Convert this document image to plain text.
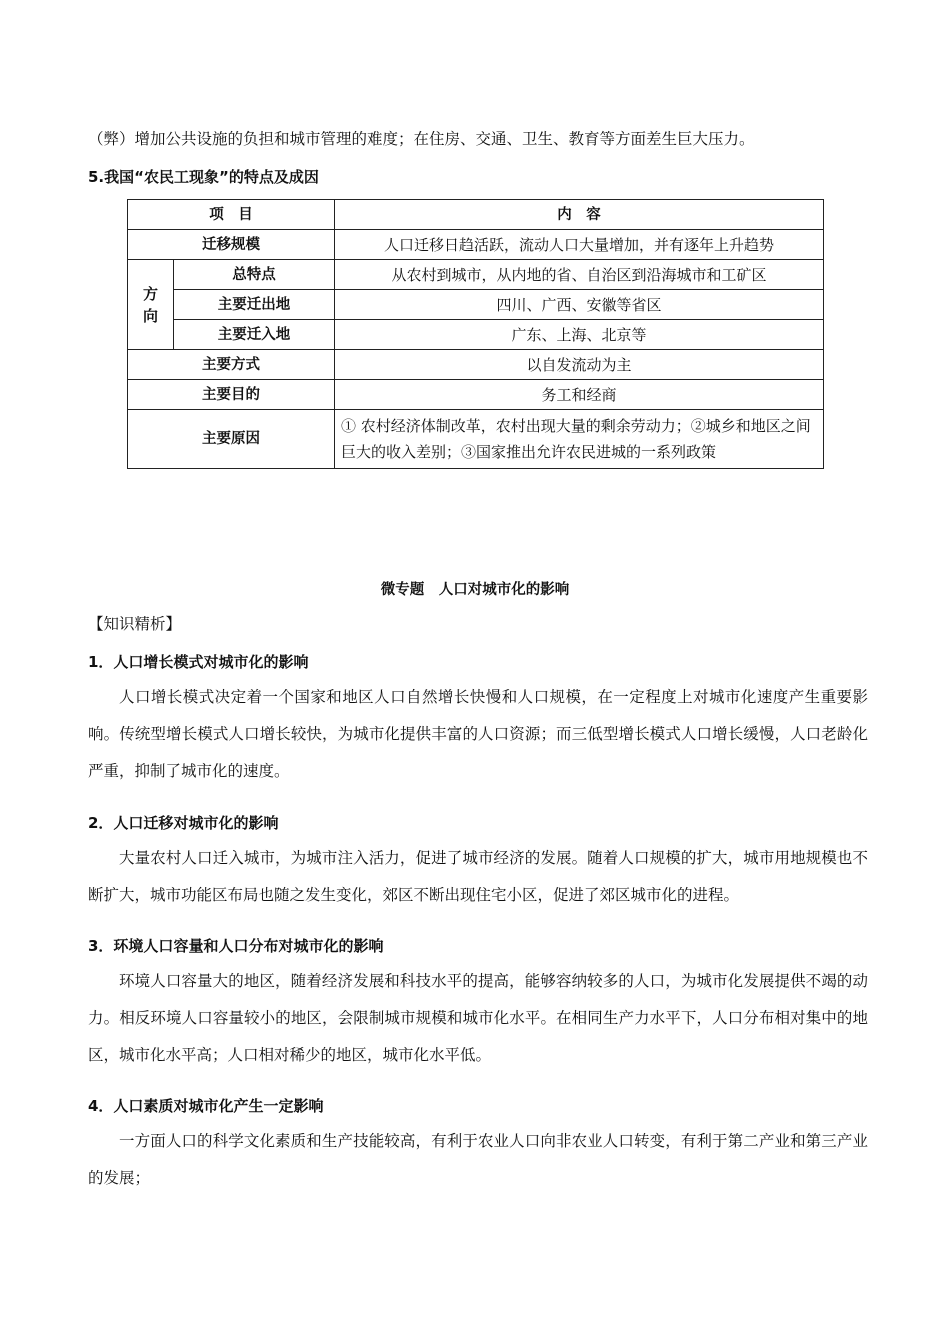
（弊）增加公共设施的负担和城市管理的难度；在住房、交通、卫生、教育等方面差生巨大压力。
5.我国“农民工现象”的特点及成因
项　目		内　容
迁移规模		人口迁移日趋活跃，流动人口大量增加，并有逐年上升趋势
方向	总特点	从农村到城市，从内地的省、自治区到沿海城市和工矿区
	主要迁出地	四川、广西、安徽等省区
	主要迁入地	广东、上海、北京等
主要方式		以自发流动为主
主要目的		务工和经商
主要原因		① 农村经济体制改革，农村出现大量的剩余劳动力；②城乡和地区之间巨大的收入差别；③国家推出允许农民进城的一系列政策
微专题　人口对城市化的影响
【知识精析】
1．人口增长模式对城市化的影响
人口增长模式决定着一个国家和地区人口自然增长快慢和人口规模，在一定程度上对城市化速度产生重要影响。传统型增长模式人口增长较快，为城市化提供丰富的人口资源；而三低型增长模式人口增长缓慢，人口老龄化严重，抑制了城市化的速度。
2．人口迁移对城市化的影响
大量农村人口迁入城市，为城市注入活力，促进了城市经济的发展。随着人口规模的扩大，城市用地规模也不断扩大，城市功能区布局也随之发生变化，郊区不断出现住宅小区，促进了郊区城市化的进程。
3．环境人口容量和人口分布对城市化的影响
环境人口容量大的地区，随着经济发展和科技水平的提高，能够容纳较多的人口，为城市化发展提供不竭的动力。相反环境人口容量较小的地区，会限制城市规模和城市化水平。在相同生产力水平下，人口分布相对集中的地区，城市化水平高；人口相对稀少的地区，城市化水平低。
4．人口素质对城市化产生一定影响
一方面人口的科学文化素质和生产技能较高，有利于农业人口向非农业人口转变，有利于第二产业和第三产业的发展；
